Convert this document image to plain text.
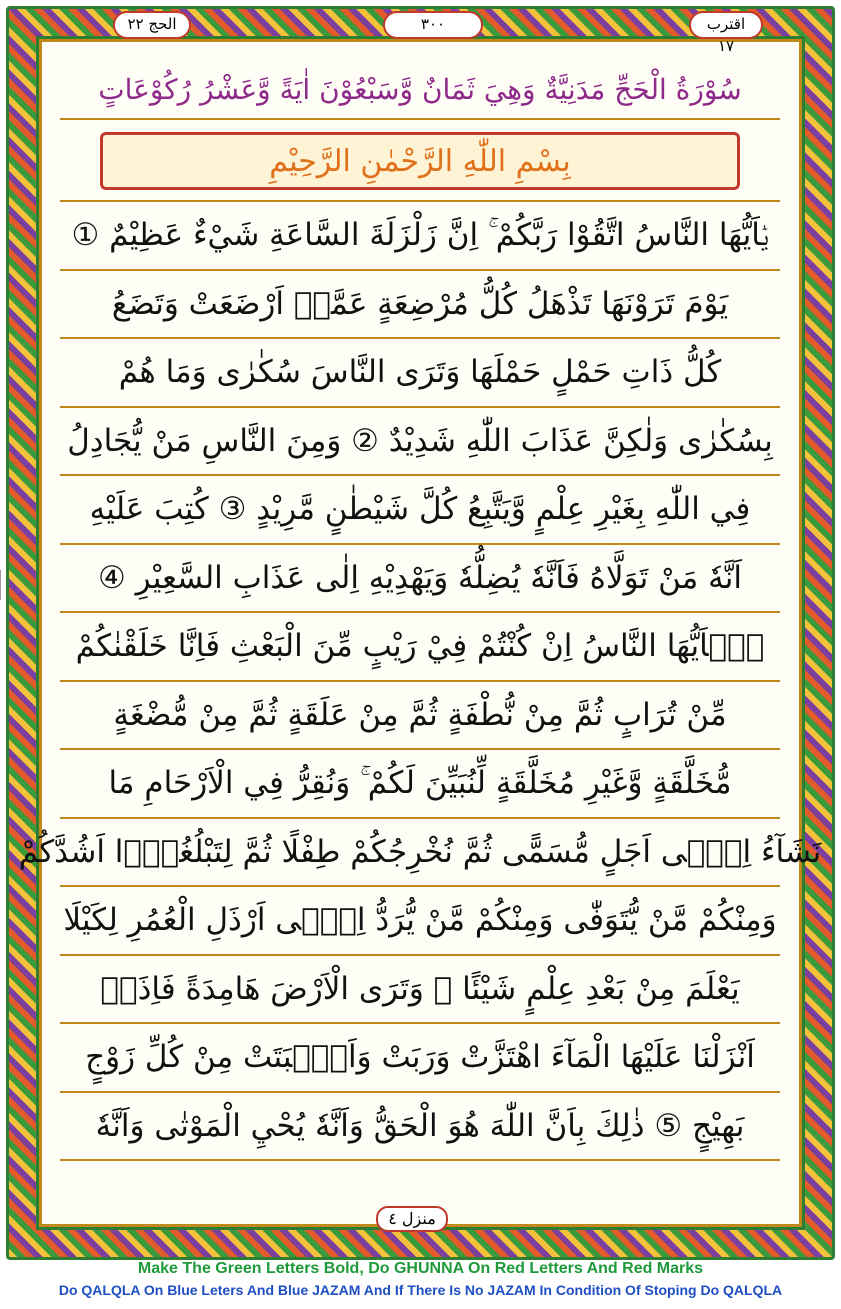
الحج ٢٢	٣٠٠	اقترب ١٧
سُوْرَةُ الْحَجِّ مَدَنِيَّةٌ وَهِيَ ثَمَانٌ وَّسَبْعُوْنَ اٰيَةً وَّعَشْرُ رُكُوْعَاتٍ
بِسْمِ اللّٰهِ الرَّحْمٰنِ الرَّحِيْمِ
يٰۤاَيُّهَا النَّاسُ اتَّقُوْا رَبَّكُمْ ۚ اِنَّ زَلْزَلَةَ السَّاعَةِ شَيْءٌ عَظِيْمٌ ①
يَوْمَ تَرَوْنَهَا تَذْهَلُ كُلُّ مُرْضِعَةٍ عَمَّاۤ اَرْضَعَتْ وَتَضَعُ
كُلُّ ذَاتِ حَمْلٍ حَمْلَهَا وَتَرَى النَّاسَ سُكٰرٰى وَمَا هُمْ
بِسُكٰرٰى وَلٰكِنَّ عَذَابَ اللّٰهِ شَدِيْدٌ ② وَمِنَ النَّاسِ مَنْ يُّجَادِلُ
فِي اللّٰهِ بِغَيْرِ عِلْمٍ وَّيَتَّبِعُ كُلَّ شَيْطٰنٍ مَّرِيْدٍ ③ كُتِبَ عَلَيْهِ
اَنَّهٗ مَنْ تَوَلَّاهُ فَاَنَّهٗ يُضِلُّهٗ وَيَهْدِيْهِ اِلٰى عَذَابِ السَّعِيْرِ ④
يٰۤاَيُّهَا النَّاسُ اِنْ كُنْتُمْ فِيْ رَيْبٍ مِّنَ الْبَعْثِ فَاِنَّا خَلَقْنٰكُمْ
مِّنْ تُرَابٍ ثُمَّ مِنْ نُّطْفَةٍ ثُمَّ مِنْ عَلَقَةٍ ثُمَّ مِنْ مُّضْغَةٍ
مُّخَلَّقَةٍ وَّغَيْرِ مُخَلَّقَةٍ لِّنُبَيِّنَ لَكُمْ ۚ وَنُقِرُّ فِي الْاَرْحَامِ مَا
نَشَآءُ اِلٰۤى اَجَلٍ مُّسَمًّى ثُمَّ نُخْرِجُكُمْ طِفْلًا ثُمَّ لِتَبْلُغُوْۤا اَشُدَّكُمْ
وَمِنْكُمْ مَّنْ يُّتَوَفّٰى وَمِنْكُمْ مَّنْ يُّرَدُّ اِلٰۤى اَرْذَلِ الْعُمُرِ لِكَيْلَا
يَعْلَمَ مِنْ بَعْدِ عِلْمٍ شَيْئًا ۚ وَتَرَى الْاَرْضَ هَامِدَةً فَاِذَاۤ
اَنْزَلْنَا عَلَيْهَا الْمَآءَ اهْتَزَّتْ وَرَبَتْ وَاَنْۢبَتَتْ مِنْ كُلِّ زَوْجٍ
بَهِيْجٍ ⑤ ذٰلِكَ بِاَنَّ اللّٰهَ هُوَ الْحَقُّ وَاَنَّهٗ يُحْيِ الْمَوْتٰى وَاَنَّهٗ
منزل ٤
Make The Green Letters Bold, Do GHUNNA On Red Letters And Red Marks
Do QALQLA On Blue Leters And Blue JAZAM And If There Is No JAZAM In Condition Of Stoping Do QALQLA
